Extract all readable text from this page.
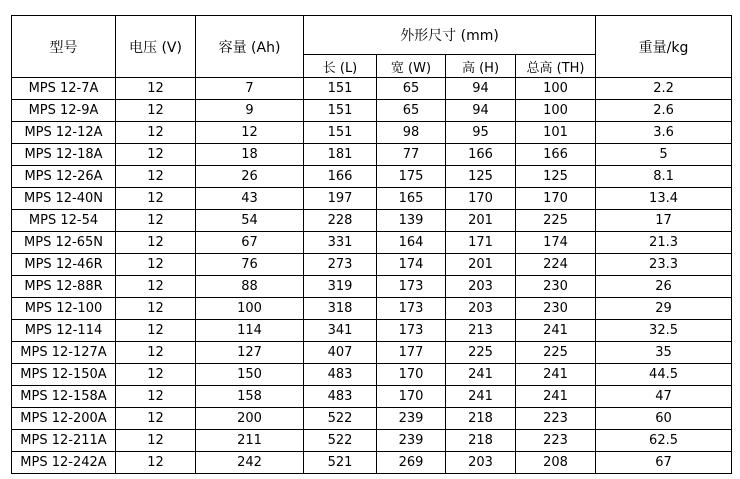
型号	电压 (V)	容量 (Ah)	外形尺寸 (mm)				重量/kg
			长 (L)	宽 (W)	高 (H)	总高 (TH)	
MPS 12-7A	12	7	151	65	94	100	2.2
MPS 12-9A	12	9	151	65	94	100	2.6
MPS 12-12A	12	12	151	98	95	101	3.6
MPS 12-18A	12	18	181	77	166	166	5
MPS 12-26A	12	26	166	175	125	125	8.1
MPS 12-40N	12	43	197	165	170	170	13.4
MPS 12-54	12	54	228	139	201	225	17
MPS 12-65N	12	67	331	164	171	174	21.3
MPS 12-46R	12	76	273	174	201	224	23.3
MPS 12-88R	12	88	319	173	203	230	26
MPS 12-100	12	100	318	173	203	230	29
MPS 12-114	12	114	341	173	213	241	32.5
MPS 12-127A	12	127	407	177	225	225	35
MPS 12-150A	12	150	483	170	241	241	44.5
MPS 12-158A	12	158	483	170	241	241	47
MPS 12-200A	12	200	522	239	218	223	60
MPS 12-211A	12	211	522	239	218	223	62.5
MPS 12-242A	12	242	521	269	203	208	67
